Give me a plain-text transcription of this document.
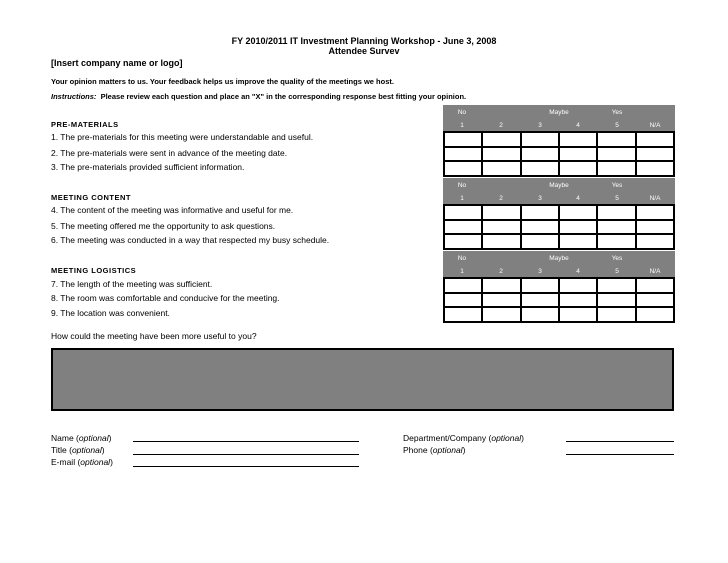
FY 2010/2011 IT Investment Planning Workshop - June 3, 2008
Attendee Survev
[Insert company name or logo]
Your opinion matters to us. Your feedback helps us improve the quality of the meetings we host.
Instructions: Please review each question and place an "X" in the corresponding response best fitting your opinion.
No	Maybe	Yes
1	2	3	4	5	N/A
PRE-MATERIALS
1. The pre-materials for this meeting were understandable and useful.
2. The pre-materials were sent in advance of the meeting date.
3. The pre-materials provided sufficient information.
No	Maybe	Yes
1	2	3	4	5	N/A
MEETING CONTENT
4. The content of the meeting was informative and useful for me.
5. The meeting offered me the opportunity to ask questions.
6. The meeting was conducted in a way that respected my busy schedule.
No	Maybe	Yes
1	2	3	4	5	N/A
MEETING LOGISTICS
7. The length of the meeting was sufficient.
8. The room was comfortable and conducive for the meeting.
9. The location was convenient.
How could the meeting have been more useful to you?
Name (optional)
Title (optional)
E-mail (optional)
Department/Company (optional)
Phone (optional)
